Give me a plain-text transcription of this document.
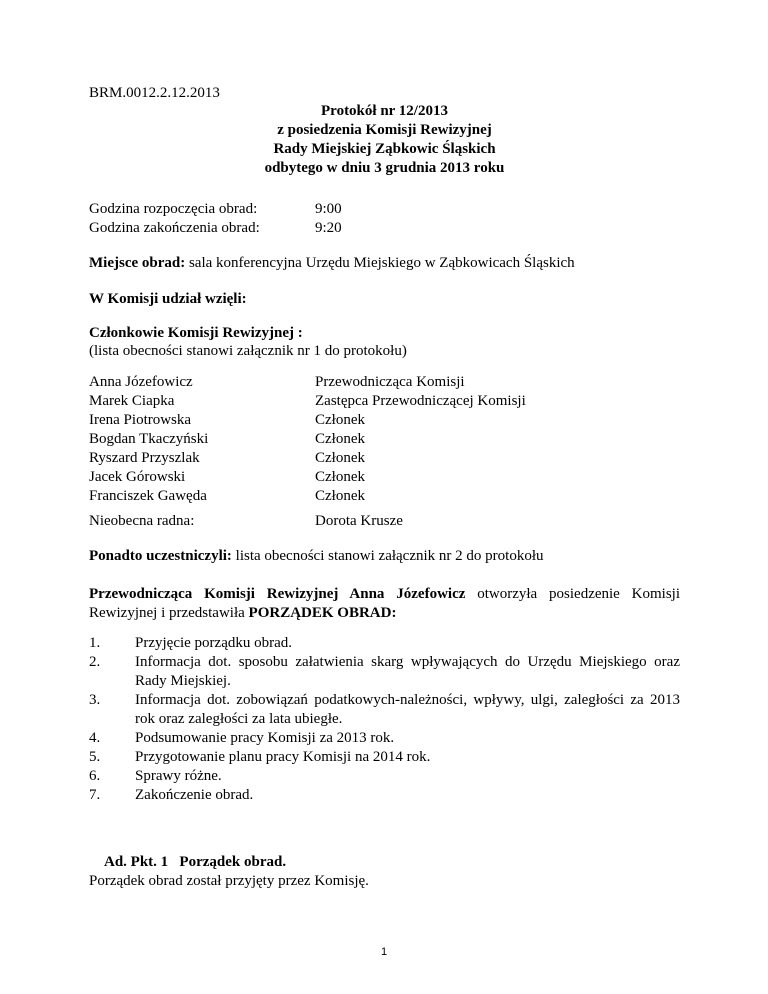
BRM.0012.2.12.2013
Protokół nr 12/2013
z posiedzenia Komisji Rewizyjnej
Rady Miejskiej Ząbkowic Śląskich
odbytego w dniu 3 grudnia 2013 roku
Godzina rozpoczęcia obrad:	9:00
Godzina zakończenia obrad:	9:20
Miejsce obrad: sala konferencyjna Urzędu Miejskiego w Ząbkowicach Śląskich
W Komisji udział wzięli:
Członkowie Komisji Rewizyjnej :
(lista obecności stanowi załącznik nr 1 do protokołu)
Anna Józefowicz	Przewodnicząca Komisji
Marek Ciapka	Zastępca Przewodniczącej Komisji
Irena Piotrowska	Członek
Bogdan Tkaczyński	Członek
Ryszard Przyszlak	Członek
Jacek Górowski	Członek
Franciszek Gawęda	Członek
Nieobecna radna:	Dorota Krusze
Ponadto uczestniczyli: lista obecności stanowi załącznik nr 2 do protokołu
Przewodnicząca Komisji Rewizyjnej Anna Józefowicz otworzyła posiedzenie Komisji Rewizyjnej i przedstawiła PORZĄDEK OBRAD:
1. Przyjęcie porządku obrad.
2. Informacja dot. sposobu załatwienia skarg wpływających do Urzędu Miejskiego oraz Rady Miejskiej.
3. Informacja dot. zobowiązań podatkowych-należności, wpływy, ulgi, zaległości za 2013 rok oraz zaległości za lata ubiegłe.
4. Podsumowanie pracy Komisji za 2013 rok.
5. Przygotowanie planu pracy Komisji na 2014 rok.
6. Sprawy różne.
7. Zakończenie obrad.

Ad. Pkt. 1   Porządek obrad.

Porządek obrad został przyjęty przez Komisję.
1
